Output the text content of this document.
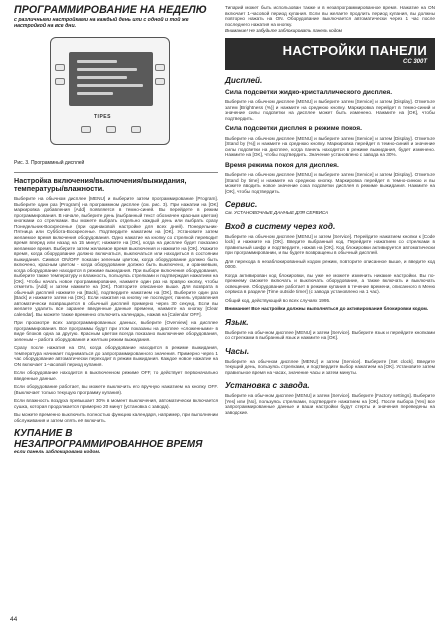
ПРОГРАММИРОВАНИЕ НА НЕДЕЛЮ
с различными настройками на каждый день или с одной и той же настройкой на все дни.
TIPES
Рис. 3. Программный дисплей
Настройка включения/выключения/выжидания, температуры/влажности.

Выберите на обычном дисплее [MENU] и выберите затем программирование [Program]. Выберите один раз [Program] на программном дисплее (см. рис. 3). При нажатии на [OK] маркировка добавления [Add] появляется в темно-синей. Вы перейдете в режим программирования. В начале, выберите день (выбранный текст обозначен красным цветом) кнопками со стрелками. Вы можете выбрать отдельно каждый день или выбрать сразу Понедельник-Воскресенье (при одинаковой настройке для всех дней). Понедельник-Пятница или Суббота-Воскресенье. Подтвердите нажатием на [OK]. Установите затем желаемое время включения оборудования. Одно нажатие на кнопку со стрелкой переводит время вперед или назад на 15 минут; нажмите на [OK], когда на дисплее будет показано желаемое время. Выберите затем желаемое время выключения и нажмите на [OK]. Укажите время, когда оборудование должно включаться, выключаться или находиться в состоянии выжидания. Символ ON/OFF показан зеленым цветом, когда оборудование должно быть включено, красным цветом - когда оборудование должно быть выключено, и оранжевым, когда оборудование находится в режиме выжидания. При выборе включения оборудования, выберите также температуру и влажность, пользуясь стрелками и подтверждая нажатием на [OK]. Чтобы начать новое программирование, нажмите один раз на правую кнопку, чтобы отметить [Add] и затем нажмите на [OK]. Повторите описанное выше. Для возврата в обычный дисплей нажмите на [Back], подтвердите нажатием на [OK]. Выберите один раз [Back] и нажмите затем на [OK]. Если нажатия на кнопку не последует, панель управления автоматически возвращается в обычный дисплей примерно через 30 секунд. Если вы желаете удалить все заранее введенные данные времени, нажмите на кнопку [Clear calendar]. Вы можете также временно отключить календарь, нажав на [Calendar OFF].

При просмотре всех запрограммированных данных, выберите [Overview] на дисплее программирования. Все программы будут при этом показаны на дисплее «сложенными» в виде блоков одна за другую. Красным цветом всегда показано выключение оборудования, зеленым – работа оборудования и желтым режим выжидания.

Сразу после нажатия на ON, когда оборудование находится в режиме выжидания, температура начинает подниматься до запрограммированного значения. Примерно через 1 час оборудование автоматически переходит в режим выжидания. Каждое новое нажатие на ON включает 1-часовой период купания.

Если оборудование находится в выключенном режиме OFF, то действует первоначально введенные данные.

Если оборудование работает, вы можете выключить его вручную нажатием на кнопку OFF. (Выключает только текущую программу купания).

Если влажность воздуха превышает 30% в момент выключения, автоматически включается сушка, которая продолжается примерно 20 минут (установка с завода).

Вы можете временно выключить полностью функцию календаря, например, при выполнении обслуживания и затем опять её включить.

КУПАНИЕ В НЕЗАПРОГРАММИРОВАННОЕ ВРЕМЯ
если панель заблокирована кодом.

Типарий может быть использован также и в незапрограммированное время. Нажатие на ON включает 1-часовой период купания. Если вы желаете продлить период купания, вы должны повторно нажать на ON. Оборудование выключается автоматически через 1 час после последнего нажатия на кнопку.

Внимание! Не забудьте заблокировать панель кодом
НАСТРОЙКИ ПАНЕЛИ
CC 300T
Дисплей.
Сила подсветки жидко-кристаллического дисплея.

Выберите на обычном дисплее [MENU] и выберите затем [Service] и затем [Display]. Отметьте затем [Brightness (%)] и нажмите на среднюю кнопку. Маркировка перейдет в темно-синий и значение силы подсветки на дисплее может быть изменено. Нажмите на [OK], чтобы подтвердить.

Сила подсветки дисплея в режиме покоя.

Выберите на обычном дисплее [MENU] и выберите затем [Service] и затем [Display]. Отметьте [Stand by (%)] и нажмите на среднюю кнопку. Маркировка перейдет в темно-синий и значение силы подсветки на дисплее, когда панель находится в режиме выжидания, будет изменено. Нажмите на [OK], чтобы подтвердить. Значение установлено с завода на 30%.

Время режима покоя для дисплея.

Выберите на обычном дисплее [MENU] и выберите затем [Service] и затем [Display]. Отметьте [Stand by time] и нажмите на среднюю кнопку. Маркировка перейдет в темно-синюю и вы можете вводить новое значение сока подсветки дисплея в режиме выжидания. Нажмите на [OK], чтобы подтвердить.

Сервис.
См. УСТАНОВОЧНЫЕ ДАННЫЕ ДЛЯ СЕРВИСА
Вход в систему через код.

Выберите на обычном дисплее [MENU] и затем [Service]. Перейдите нажатием кнопки к [Code lock] и нажмите на [OK]. Введите выбранный код. Перейдите нажатием со стрелками в правильный шифр и подтвердите, нажав на [OK]. Код блокировки активируется автоматически при программировании, и вы будете возвращены в обычный дисплей.

Для перехода в незаблокированный кодом режим, повторите описанное выше, и введите код 0000.

Когда активирован код блокировки, вы уже не можете изменить никакие настройки. Вы по-прежнему сможете включать и выключать оборудование, а также включать и выключать освещение. Оборудование работает в режиме купания в течение времени, описанного в Меню сервиса в разделе [Time outside timer] (с завода установлено на 1 час).

Общий код, действующий во всех случаях 1995.

Внимание! Все настройки должны выполняться до активирования блокировки кодом.

Язык.

Выберите на обычном дисплее [MENU] и затем [Service]. Выберите язык и перейдите кнопками со стрелками в выбранный язык и нажмите на [OK].

Часы.

Выберите на обычном дисплее [MENU] и затем [Service]. Выберите [Set clock]. Введите текущий день, пользуясь стрелками, и подтвердите выбор нажатием на [OK]. Установите затем правильное время на часах, значение часы и затем минуты.

Установка с завода.

Выберите на обычном дисплее [MENU] и затем [Service]. Выберите [Factory settings]. Выберите [Yes] или [No], пользуясь стрелками, подтвердите нажатием на [OK]. После выбора [Yes] все запрограммированные данные и ваши настройки будут стерты и значения переведены на заводские.

44
